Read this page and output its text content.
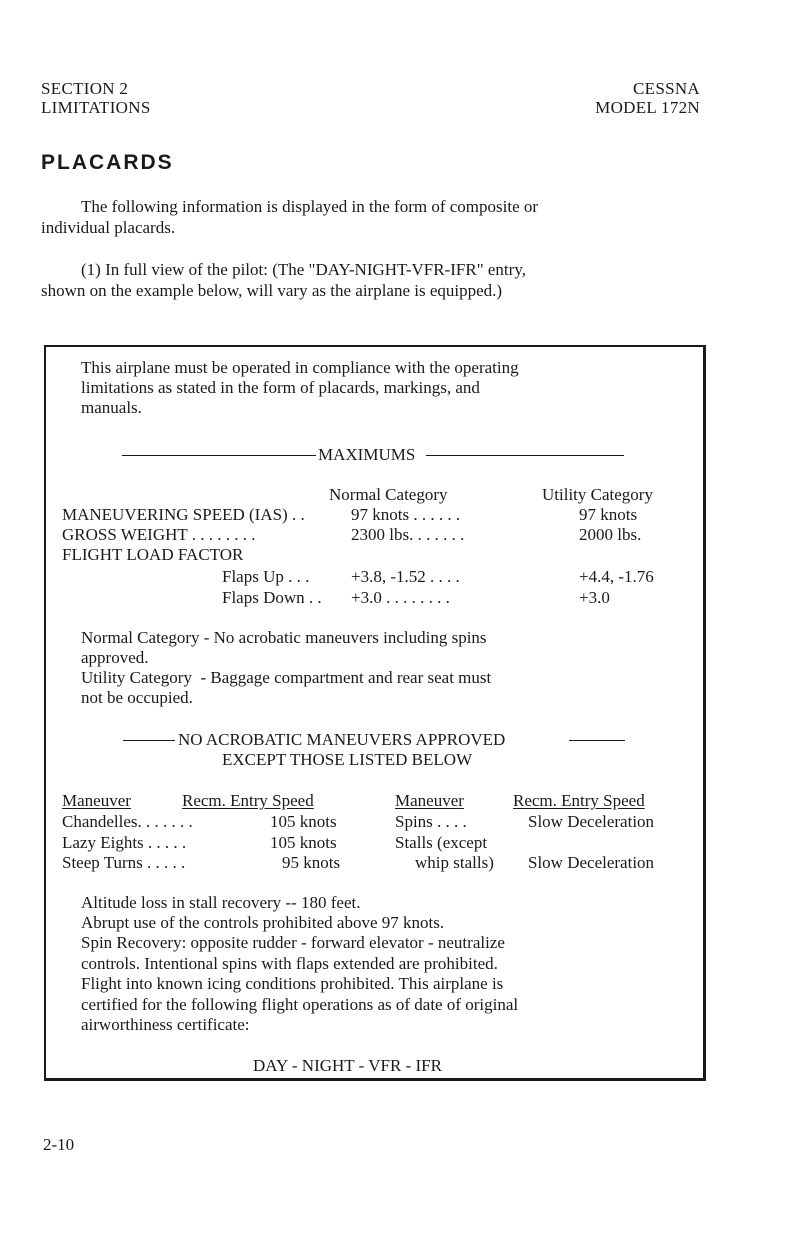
SECTION 2
LIMITATIONS
CESSNA
MODEL 172N
PLACARDS
The following information is displayed in the form of composite or
individual placards.
(1) In full view of the pilot: (The "DAY-NIGHT-VFR-IFR" entry,
shown on the example below, will vary as the airplane is equipped.)
This airplane must be operated in compliance with the operating
limitations as stated in the form of placards, markings, and
manuals.
MAXIMUMS
Normal Category	Utility Category
MANEUVERING SPEED (IAS) . .	97 knots . . . . . .	97 knots
GROSS WEIGHT . . . . . . . .	2300 lbs. . . . . . .	2000 lbs.
FLIGHT LOAD FACTOR
Flaps Up . . . +3.8, -1.52 . . . .	+4.4, -1.76
Flaps Down . . +3.0 . . . . . . . .	+3.0
Normal Category - No acrobatic maneuvers including spins
approved.
Utility Category  - Baggage compartment and rear seat must
not be occupied.
NO ACROBATIC MANEUVERS APPROVED
EXCEPT THOSE LISTED BELOW
Maneuver	Recm. Entry Speed
Chandelles. . . . . . .	105 knots
Lazy Eights . . . . .	105 knots
Steep Turns . . . . .	95 knots
Maneuver	Recm. Entry Speed
Spins . . . .	Slow Deceleration
Stalls (except
whip stalls) Slow Deceleration
Altitude loss in stall recovery -- 180 feet.
Abrupt use of the controls prohibited above 97 knots.
Spin Recovery: opposite rudder - forward elevator - neutralize
controls. Intentional spins with flaps extended are prohibited.
Flight into known icing conditions prohibited. This airplane is
certified for the following flight operations as of date of original
airworthiness certificate:
DAY - NIGHT - VFR - IFR
2-10
